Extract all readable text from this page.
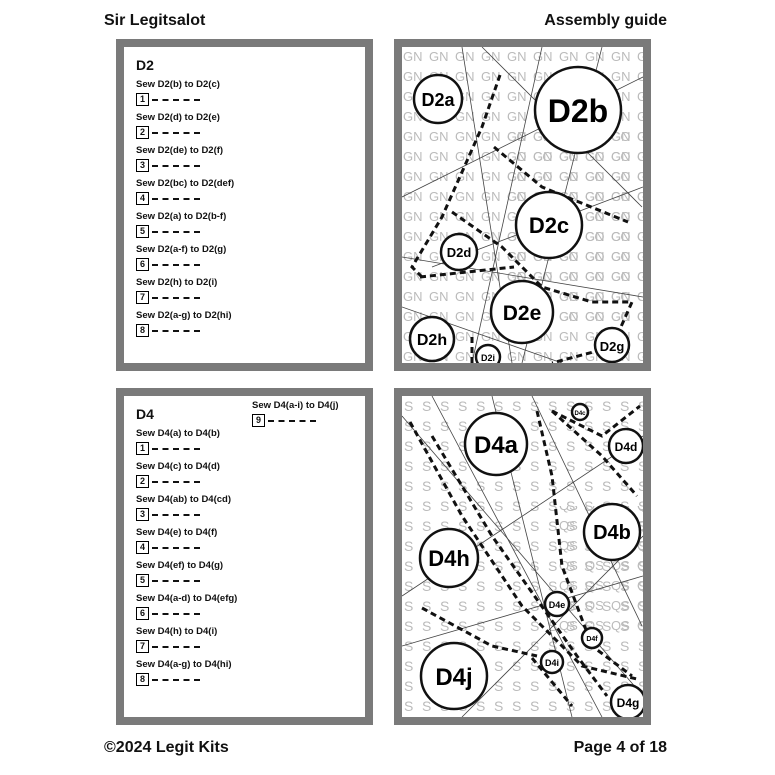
Sir Legitsalot	Assembly guide
D2
Sew D2(b) to D2(c)
1
Sew D2(d) to D2(e)
2
Sew D2(de) to D2(f)
3
Sew D2(bc) to D2(def)
4
Sew D2(a) to D2(b-f)
5
Sew D2(a-f) to D2(g)
6
Sew D2(h) to D2(i)
7
Sew D2(a-g) to D2(hi)
8
D2a	D2b
D2c
D2d
D2e
D2g
D2h
D2i
D4
Sew D4(a) to D4(b)
1
Sew D4(c) to D4(d)
2
Sew D4(ab) to D4(cd)
3
Sew D4(e) to D4(f)
4
Sew D4(ef) to D4(g)
5
Sew D4(a-d) to D4(efg)
6
Sew D4(h) to D4(i)
7
Sew D4(a-g) to D4(hi)
8
Sew D4(a-i) to D4(j)
9
D4a
D4b
D4c
D4d
D4e
D4f
D4g
D4h
D4i
D4j
©2024 Legit Kits	Page 4 of 18
